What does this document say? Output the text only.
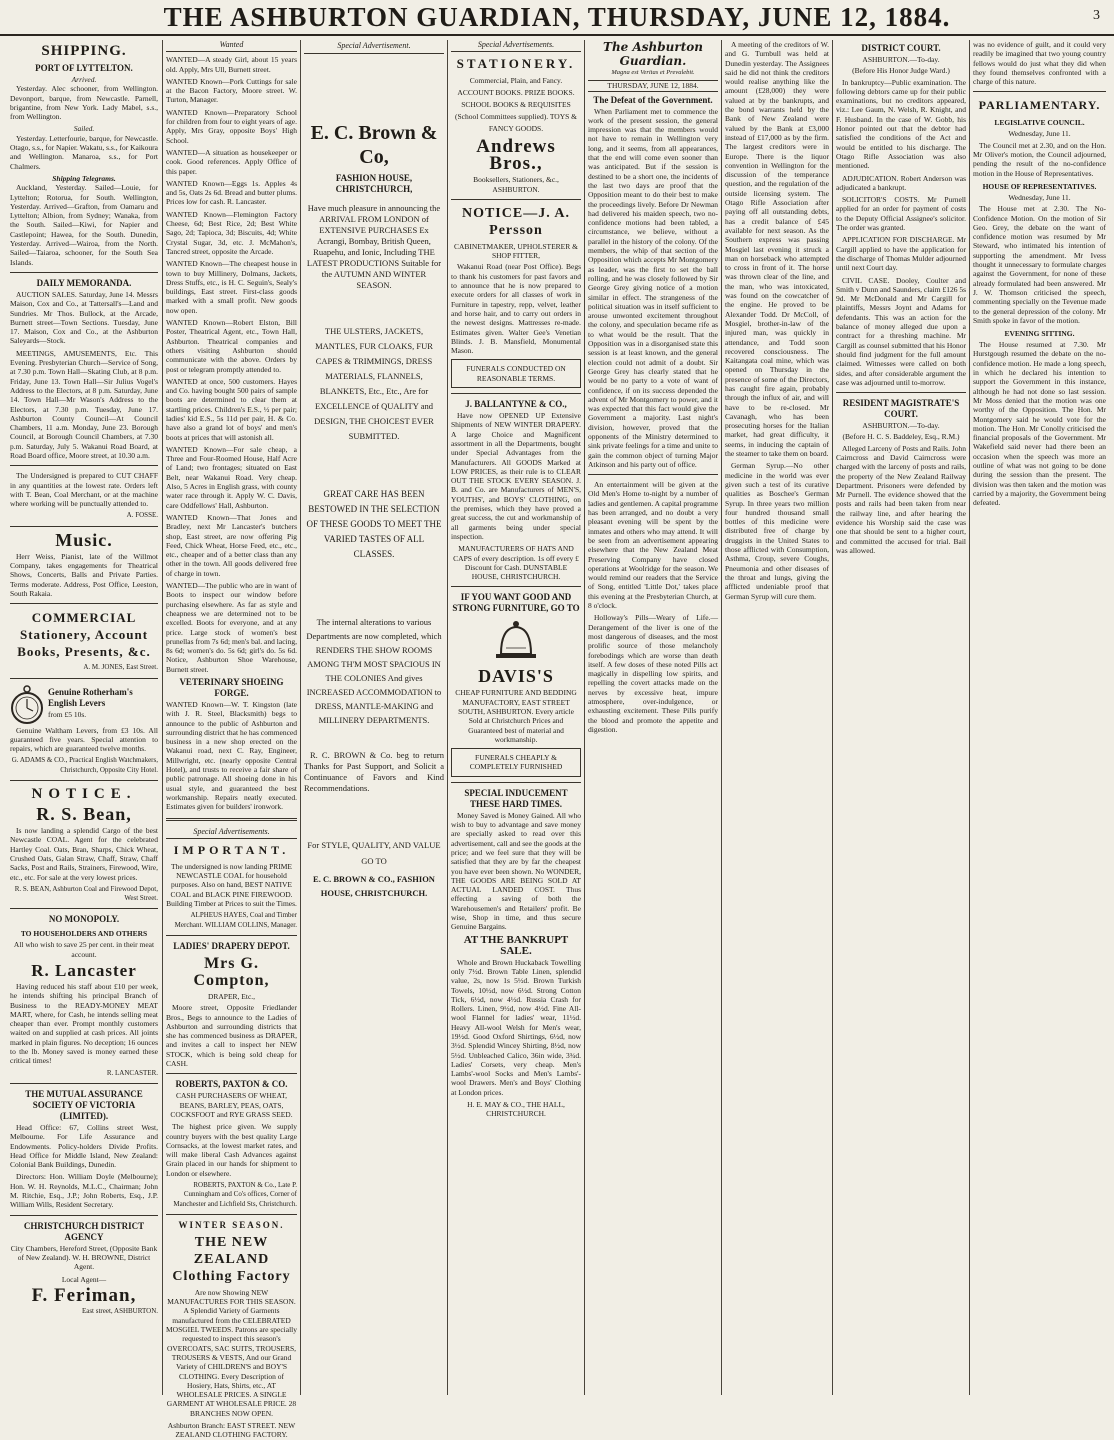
THE ASHBURTON GUARDIAN, THURSDAY, JUNE 12, 1884.	3
SHIPPING.
PORT OF LYTTELTON.
Arrived.

Yesterday. Alec schooner, from Wellington. Devonport, barque, from Newcastle. Parnell, brigantine, from New York. Lady Mabel, s.s., from Wellington.

Sailed.

Yesterday. Letterfourie, barque, for Newcastle. Otago, s.s., for Napier. Wakatu, s.s., for Kaikoura and Wellington. Manaroa, s.s., for Port Chalmers.

Shipping Telegrams.

Auckland, Yesterday. Sailed—Louie, for Lyttelton; Rotorua, for South. Wellington, Yesterday. Arrived—Grafton, from Oamaru and Lyttelton; Albion, from Sydney; Wanaka, from the South. Sailed—Kiwi, for Napier and Castlepoint; Hawea, for the South. Dunedin, Yesterday. Arrived—Wairoa, from the North. Sailed—Taiaroa, schooner, for the South Sea Islands.

DAILY MEMORANDA.

AUCTION SALES. Saturday, June 14. Messrs Maison, Cox and Co., at Tattersall's—Land and Sundries. Mr Thos. Bullock, at the Arcade, Burnett street—Town Sections. Tuesday, June 17. Maison, Cox and Co., at the Ashburton Saleyards—Stock.

MEETINGS, AMUSEMENTS, Etc. This Evening. Presbyterian Church—Service of Song, at 7.30 p.m. Town Hall—Skating Club, at 8 p.m. Friday, June 13. Town Hall—Sir Julius Vogel's Address to the Electors, at 8 p.m. Saturday, June 14. Town Hall—Mr Wason's Address to the Electors, at 7.30 p.m. Tuesday, June 17. Ashburton County Council—At Council Chambers, 11 a.m. Monday, June 23. Borough Council, at Borough Council Chambers, at 7.30 p.m. Saturday, July 5. Wakanui Road Board, at Road Board office, Moore street, at 10.30 a.m.

The Undersigned is prepared to CUT CHAFF in any quantities at the lowest rate. Orders left with T. Bean, Coal Merchant, or at the machine where working will be punctually attended to.

A. FOSSE.
Music.

Herr Weiss, Pianist, late of the Willmot Company, takes engagements for Theatrical Shows, Concerts, Balls and Private Parties. Terms moderate. Address, Post Office, Leeston, South Rakaia.

COMMERCIAL Stationery, Account Books, Presents, &c.
A. M. JONES, East Street.
Genuine Rotherham's English Levers
from £5 10s.

Genuine Waltham Levers, from £3 10s. All guaranteed five years. Special attention to repairs, which are guaranteed twelve months.

G. ADAMS & CO., Practical English Watchmakers, Christchurch, Opposite City Hotel.
NOTICE.
R. S. Bean,

Is now landing a splendid Cargo of the best Newcastle COAL. Agent for the celebrated Hartley Coal. Oats, Bran, Sharps, Chick Wheat, Crushed Oats, Galan Straw, Chaff, Straw, Chaff Sacks, Post and Rails, Strainers, Firewood, Wire, etc., etc. For sale at the very lowest prices.

R. S. BEAN, Ashburton Coal and Firewood Depot, West Street.
NO MONOPOLY.
TO HOUSEHOLDERS AND OTHERS

All who wish to save 25 per cent. in their meat account.

R. Lancaster

Having reduced his staff about £10 per week, he intends shifting his principal Branch of Business to the READY-MONEY MEAT MART, where, for Cash, he intends selling meat cheaper than ever. Prompt monthly customers waited on and supplied at cash prices. All joints marked in plain figures. No deception; 16 ounces to the lb. Money saved is money earned these critical times!

R. LANCASTER.
THE MUTUAL ASSURANCE SOCIETY OF VICTORIA (LIMITED).

Head Office: 67, Collins street West, Melbourne. For Life Assurance and Endowments. Policy-holders Divide Profits. Head Office for Middle Island, New Zealand: Colonial Bank Buildings, Dunedin.

Directors: Hon. William Doyle (Melbourne); Hon. W. H. Reynolds, M.L.C., Chairman; John M. Ritchie, Esq., J.P.; John Roberts, Esq., J.P. William Wills, Resident Secretary.

CHRISTCHURCH DISTRICT AGENCY

City Chambers, Hereford Street, (Opposite Bank of New Zealand). W. H. BROWNE, District Agent.

Local Agent—
F. Feriman,
East street, ASHBURTON.
Wanted

WANTED—A steady Girl, about 15 years old. Apply, Mrs Ull, Burnett street.

WANTED Known—Pork Cuttings for sale at the Bacon Factory, Moore street. W. Turton, Manager.

WANTED Known—Preparatory School for children from four to eight years of age. Apply, Mrs Gray, opposite Boys' High School.

WANTED—A situation as housekeeper or cook. Good references. Apply Office of this paper.

WANTED Known—Eggs 1s. Apples 4s and 5s, Oats 2s 6d. Bread and butter plums. Prices low for cash. R. Lancaster.

WANTED Known—Flemington Factory Cheese, 6d; Best Rice, 2d; Best White Sago, 2d; Tapioca, 3d; Biscuits, 4d; White Crystal Sugar, 3d, etc. J. McMahon's, Tancred street, opposite the Arcade.

WANTED Known—The cheapest house in town to buy Millinery, Dolmans, Jackets, Dress Stuffs, etc., is H. C. Seguin's, Sealy's buildings, East street. First-class goods marked with a small profit. New goods now open.

WANTED Known—Robert Elston, Bill Poster, Theatrical Agent, etc., Town Hall, Ashburton. Theatrical companies and others visiting Ashburton should communicate with the above. Orders by post or telegram promptly attended to.

WANTED at once, 500 customers. Hayes and Co. having bought 500 pairs of sample boots are determined to clear them at startling prices. Children's E.S., ½ per pair; ladies' kid E.S., 5s 11d per pair, H. & Co. have also a grand lot of boys' and men's boots at prices that will astonish all.

WANTED Known—For sale cheap, a Three and Four-Roomed House, Half Acre of Land; two frontages; situated on East Belt, near Wakanui Road. Very cheap. Also, 5 Acres in English grass, with county water race through it. Apply W. C. Davis, care Oddfellows' Hall, Ashburton.

WANTED Known—That Jones and Bradley, next Mr Lancaster's butchers shop, East street, are now offering Pig Feed, Chick Wheat, Horse Feed, etc., etc., etc., cheaper and of a better class than any other in the town. All goods delivered free of charge in town.

WANTED—The public who are in want of Boots to inspect our window before purchasing elsewhere. As far as style and cheapness we are determined not to be excelled. Boots for everyone, and at any price. Large stock of women's best prunellas from 7s 6d; men's bal. and lacing, 8s 6d; women's do. 5s 6d; girl's do. 5s 6d. Notice, Ashburton Shoe Warehouse, Burnett street.

VETERINARY SHOEING FORGE.

WANTED Known—W. T. Kingston (late with J. R. Steel, Blacksmith) begs to announce to the public of Ashburton and surrounding district that he has commenced business in a new shop erected on the Wakanui road, next C. Ray, Engineer, Millwright, etc. (nearly opposite Central Hotel), and trusts to receive a fair share of public patronage. All shoeing done in his usual style, and guaranteed the best workmanship. Repairs neatly executed. Estimates given for builders' ironwork.

Special Advertisements.
IMPORTANT.

The undersigned is now landing PRIME NEWCASTLE COAL for household purposes. Also on hand, BEST NATIVE COAL and BLACK PINE FIREWOOD. Building Timber at Prices to suit the Times.

ALPHEUS HAYES, Coal and Timber Merchant. WILLIAM COLLINS, Manager.
LADIES' DRAPERY DEPOT.
Mrs G. Compton,
DRAPER, Etc.,

Moore street, Opposite Friedlander Bros., Begs to announce to the Ladies of Ashburton and surrounding districts that she has commenced business as DRAPER, and invites a call to inspect her NEW STOCK, which is being sold cheap for CASH.

ROBERTS, PAXTON & CO.

CASH PURCHASERS OF WHEAT, BEANS, BARLEY, PEAS, OATS, COCKSFOOT and RYE GRASS SEED.

The highest price given. We supply country buyers with the best quality Large Cornsacks, at the lowest market rates, and will make liberal Cash Advances against Grain placed in our hands for shipment to London or elsewhere.

ROBERTS, PAXTON & Co., Late P. Cunningham and Co's offices, Corner of Manchester and Lichfield Sts, Christchurch.
WINTER SEASON.
THE NEW ZEALAND Clothing Factory

Are now Showing NEW MANUFACTURES FOR THIS SEASON. A Splendid Variety of Garments manufactured from the CELEBRATED MOSGIEL TWEEDS. Patrons are specially requested to inspect this season's OVERCOATS, SAC SUITS, TROUSERS, TROUSERS & VESTS, And our Grand Variety of CHILDREN'S and BOY'S CLOTHING. Every Description of Hosiery, Hats, Shirts, etc., AT WHOLESALE PRICES. A SINGLE GARMENT AT WHOLESALE PRICE. 28 BRANCHES NOW OPEN.

Ashburton Branch: EAST STREET. NEW ZEALAND CLOTHING FACTORY.
Special Advertisement.
E. C. Brown & Co,
FASHION HOUSE, CHRISTCHURCH,

Have much pleasure in announcing the ARRIVAL FROM LONDON of EXTENSIVE PURCHASES Ex Acrangi, Bombay, British Queen, Ruapehu, and Ionic, Including THE LATEST PRODUCTIONS Suitable for the AUTUMN AND WINTER SEASON.

THE ULSTERS, JACKETS, MANTLES, FUR CLOAKS, FUR CAPES & TRIMMINGS, DRESS MATERIALS, FLANNELS, BLANKETS, Etc., Etc., Are for EXCELLENCE of QUALITY and DESIGN, THE CHOICEST EVER SUBMITTED.

GREAT CARE HAS BEEN BESTOWED IN THE SELECTION OF THESE GOODS TO MEET THE VARIED TASTES OF ALL CLASSES.

The internal alterations to various Departments are now completed, which RENDERS THE SHOW ROOMS AMONG TH'M MOST SPACIOUS IN THE COLONIES And gives INCREASED ACCOMMODATION to DRESS, MANTLE-MAKING and MILLINERY DEPARTMENTS.

R. C. BROWN & Co. beg to return Thanks for Past Support, and Solicit a Continuance of Favors and Kind Recommendations.

For STYLE, QUALITY, AND VALUE GO TO

E. C. BROWN & CO., FASHION HOUSE, CHRISTCHURCH.
Special Advertisements.
STATIONERY.

Commercial, Plain, and Fancy. ACCOUNT BOOKS. PRIZE BOOKS. SCHOOL BOOKS & REQUISITES (School Committees supplied). TOYS & FANCY GOODS.

Andrews Bros.,
Booksellers, Stationers, &c., ASHBURTON.
NOTICE—J. A. Persson
CABINETMAKER, UPHOLSTERER & SHOP FITTER,

Wakanui Road (near Post Office). Begs to thank his customers for past favors and to announce that he is now prepared to execute orders for all classes of work in Furniture in tapestry, repp, velvet, leather and horse hair, and to carry out orders in the newest designs. Mattresses re-made. Estimates given. Walter Gee's Venetian Blinds. J. B. Mansfield, Monumental Mason.

FUNERALS CONDUCTED ON REASONABLE TERMS.
J. BALLANTYNE & CO.,

Have now OPENED UP Extensive Shipments of NEW WINTER DRAPERY. A large Choice and Magnificent assortment in all the Departments, bought under Special Advantages from the Manufacturers. All GOODS Marked at LOW PRICES, as their rule is to CLEAR OUT THE STOCK EVERY SEASON. J. B. and Co. are Manufacturers of MEN'S, YOUTHS', and BOYS' CLOTHING, on the premises, which they have proved a great success, the cut and workmanship of all garments being under special inspection.

MANUFACTURERS OF HATS AND CAPS of every description. 1s off every £ Discount for Cash. DUNSTABLE HOUSE, CHRISTCHURCH.

IF YOU WANT GOOD AND STRONG FURNITURE, GO TO
DAVIS'S

CHEAP FURNITURE AND BEDDING MANUFACTORY, EAST STREET SOUTH, ASHBURTON. Every article Sold at Christchurch Prices and Guaranteed best of material and workmanship.

FUNERALS CHEAPLY & COMPLETELY FURNISHED
SPECIAL INDUCEMENT THESE HARD TIMES.

Money Saved is Money Gained. All who wish to buy to advantage and save money are specially asked to read over this advertisement, call and see the goods at the price; and we feel sure that they will be satisfied that they are by far the cheapest you have ever been shown. No WONDER, THE GOODS ARE BEING SOLD AT ACTUAL LANDED COST. Thus effecting a saving of both the Warehousemen's and Retailers' profit. Be wise, Shop in time, and thus secure Genuine Bargains.

AT THE BANKRUPT SALE.

Whole and Brown Huckaback Towelling only 7½d. Brown Table Linen, splendid value, 2s, now 1s 5½d. Brown Turkish Towels, 10½d, now 6½d. Strong Cotton Tick, 6½d, now 4½d. Russia Crash for Rollers. Linen, 9½d, now 4½d. Fine All-wool Flannel for ladies' wear, 11½d. Heavy All-wool Welsh for Men's wear, 19½d. Good Oxford Shirtings, 6½d, now 3½d. Splendid Wincey Shirting, 8½d, now 5½d. Unbleached Calico, 36in wide, 3¾d. Ladies' Corsets, very cheap. Men's Lambs'-wool Socks and Men's Lambs'-wool Drawers. Men's and Boys' Clothing at London prices.

H. E. MAY & CO., THE HALL, CHRISTCHURCH.
The Ashburton Guardian.
Magna est Veritas et Prevalebit.
THURSDAY, JUNE 12, 1884.
The Defeat of the Government.

When Parliament met to commence the work of the present session, the general impression was that the members would not have to remain in Wellington very long, and it seems, from all appearances, that the end will come even sooner than was anticipated. But if the session is destined to be a short one, the incidents of the last two days are proof that the Opposition meant to do their best to make the proceedings lively. Before Dr Newman had delivered his maiden speech, two no-confidence motions had been tabled, a circumstance, we believe, without a parallel in the history of the colony. Of the members, the whip of that section of the Opposition which accepts Mr Montgomery as leader, was the first to set the ball rolling, and he was closely followed by Sir George Grey giving notice of a motion similar in effect. The strangeness of the political situation was in itself sufficient to arouse unwonted excitement throughout the colony, and speculation became rife as to what would be the result. That the Opposition was in a disorganised state this session is at least known, and the general election could not admit of a doubt. Sir George Grey has clearly stated that he would be no party to a vote of want of confidence, if on its success depended the advent of Mr Montgomery to power, and it was expected that this fact would give the Government a majority. Last night's division, however, proved that the opponents of the Ministry determined to sink private feelings for a time and unite to gain the common object of turning Major Atkinson and his party out of office.

An entertainment will be given at the Old Men's Home to-night by a number of ladies and gentlemen. A capital programme has been arranged, and no doubt a very pleasant evening will be spent by the inmates and others who may attend. It will be seen from an advertisement appearing elsewhere that the New Zealand Meat Preserving Company have closed operations at Woolridge for the season. We would remind our readers that the Service of Song, entitled 'Little Dot,' takes place this evening at the Presbyterian Church, at 8 o'clock.

Holloway's Pills—Weary of Life.—Derangement of the liver is one of the most dangerous of diseases, and the most prolific source of those melancholy forebodings which are worse than death itself. A few doses of these noted Pills act magically in dispelling low spirits, and repelling the covert attacks made on the nerves by excessive heat, impure atmosphere, over-indulgence, or exhausting excitement. These Pills purify the blood and promote the appetite and digestion.

A meeting of the creditors of W. and G. Turnbull was held at Dunedin yesterday. The Assignees said he did not think the creditors would realise anything like the amount (£28,000) they were valued at by the bankrupts, and the bond warrants held by the Bank of New Zealand were valued by the Bank at £3,000 instead of £17,000 as by the firm. The largest creditors were in Europe. There is the liquor convention in Wellington for the discussion of the temperance question, and the regulation of the outside licensing system. The Otago Rifle Association after paying off all outstanding debts, has a credit balance of £45 available for next season. As the Southern express was passing Mosgiel last evening it struck a man on horseback who attempted to cross in front of it. The horse was thrown clear of the line, and the man, who was intoxicated, was found on the cowcatcher of the engine. He proved to be Alexander Todd. Dr McColl, of Mosgiel, brother-in-law of the injured man, was quickly in attendance, and Todd soon recovered consciousness. The Kaitangata coal mine, which was opened on Thursday in the presence of some of the Directors, has caught fire again, probably through the influx of air, and will have to be re-closed. Mr Cavanagh, who has been prosecuting horses for the Italian market, had great difficulty, it seems, in inducing the captain of the steamer to take them on board.

German Syrup.—No other medicine in the world was ever given such a test of its curative qualities as Boschee's German Syrup. In three years two million four hundred thousand small bottles of this medicine were distributed free of charge by druggists in the United States to those afflicted with Consumption, Asthma, Croup, severe Coughs, Pneumonia and other diseases of the throat and lungs, giving the afflicted undeniable proof that German Syrup will cure them.

DISTRICT COURT.
ASHBURTON.—To-day.
(Before His Honor Judge Ward.)

In bankruptcy—Public examination. The following debtors came up for their public examinations, but no creditors appeared, viz.: Lee Gaum, N. Welsh, R. Knight, and F. Husband. In the case of W. Gobb, his Honor pointed out that the debtor had satisfied the conditions of the Act and would be entitled to his discharge. The Otago Rifle Association was also mentioned.

ADJUDICATION. Robert Anderson was adjudicated a bankrupt.

SOLICITOR'S COSTS. Mr Purnell applied for an order for payment of costs to the Deputy Official Assignee's solicitor. The order was granted.

APPLICATION FOR DISCHARGE. Mr Cargill applied to have the application for the discharge of Thomas Mulder adjourned until next Court day.

CIVIL CASE. Dooley, Coulter and Smith v Dunn and Saunders, claim £126 5s 9d. Mr McDonald and Mr Cargill for plaintiffs, Messrs Joynt and Adams for defendants. This was an action for the balance of money alleged due upon a contract for a threshing machine. Mr Cargill as counsel submitted that his Honor should find judgment for the full amount claimed. Witnesses were called on both sides, and after considerable argument the case was adjourned until to-morrow.

RESIDENT MAGISTRATE'S COURT.
ASHBURTON.—To-day.
(Before H. C. S. Baddeley, Esq., R.M.)

Alleged Larceny of Posts and Rails. John Cairncross and David Cairncross were charged with the larceny of posts and rails, the property of the New Zealand Railway Department. Prisoners were defended by Mr Purnell. The evidence showed that the posts and rails had been taken from near the railway line, and after hearing the evidence his Worship said the case was one that should be sent to a higher court, and committed the accused for trial. Bail was allowed.

was no evidence of guilt, and it could very readily be imagined that two young country fellows would do just what they did when they found themselves confronted with a charge of this nature.

PARLIAMENTARY.
LEGISLATIVE COUNCIL.
Wednesday, June 11.

The Council met at 2.30, and on the Hon. Mr Oliver's motion, the Council adjourned, pending the result of the no-confidence motion in the House of Representatives.

HOUSE OF REPRESENTATIVES.
Wednesday, June 11.

The House met at 2.30. The No-Confidence Motion. On the motion of Sir Geo. Grey, the debate on the want of confidence motion was resumed by Mr Steward, who intimated his intention of supporting the amendment. Mr Ivess thought it unnecessary to formulate charges against the Government, for none of these already formulated had been answered. Mr J. W. Thomson criticised the speech, commenting specially on the Tevenue made to the general depression of the colony. Mr Smith spoke in favor of the motion.

EVENING SITTING.

The House resumed at 7.30. Mr Hurstgough resumed the debate on the no-confidence motion. He made a long speech, in which he declared his intention to support the Government in this instance, although he had not done so last session. Mr Moss denied that the motion was one worthy of the Opposition. The Hon. Mr Montgomery said he would vote for the motion. The Hon. Mr Conolly criticised the financial proposals of the Government. Mr Wakefield said never had there been an occasion when the speech was more an outline of what was not going to be done during the session than the present. The division was then taken and the motion was carried by a majority, the Government being defeated.
